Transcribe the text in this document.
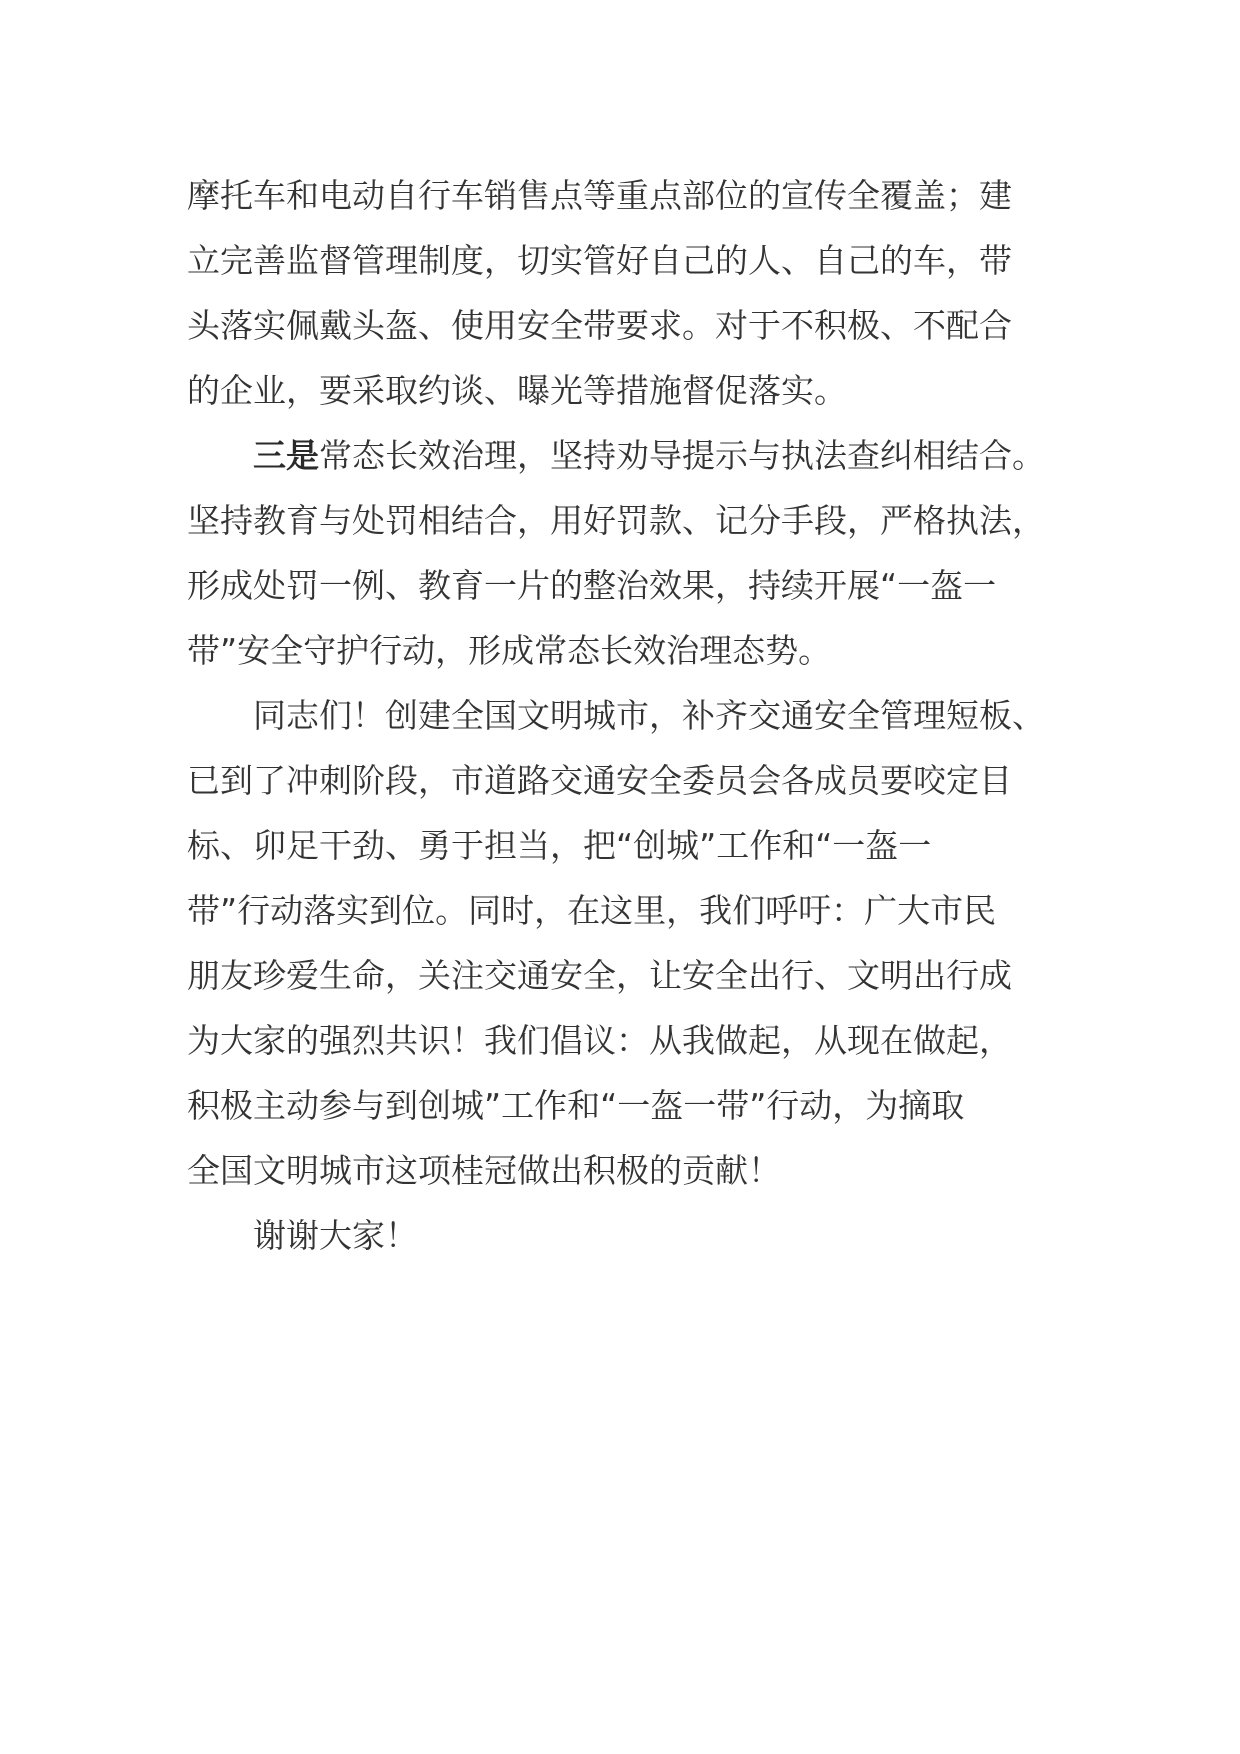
摩托车和电动自行车销售点等重点部位的宣传全覆盖；建
立完善监督管理制度，切实管好自己的人、自己的车，带
头落实佩戴头盔、使用安全带要求。对于不积极、不配合
的企业，要采取约谈、曝光等措施督促落实。
三是常态长效治理，坚持劝导提示与执法查纠相结合。
坚持教育与处罚相结合，用好罚款、记分手段，严格执法，
形成处罚一例、教育一片的整治效果，持续开展“一盔一
带”安全守护行动，形成常态长效治理态势。
同志们！创建全国文明城市，补齐交通安全管理短板、
已到了冲刺阶段，市道路交通安全委员会各成员要咬定目
标、卯足干劲、勇于担当，把“创城”工作和“一盔一
带”行动落实到位。同时，在这里，我们呼吁：广大市民
朋友珍爱生命，关注交通安全，让安全出行、文明出行成
为大家的强烈共识！我们倡议：从我做起，从现在做起，
积极主动参与到创城”工作和“一盔一带”行动，为摘取
全国文明城市这项桂冠做出积极的贡献！
谢谢大家！
